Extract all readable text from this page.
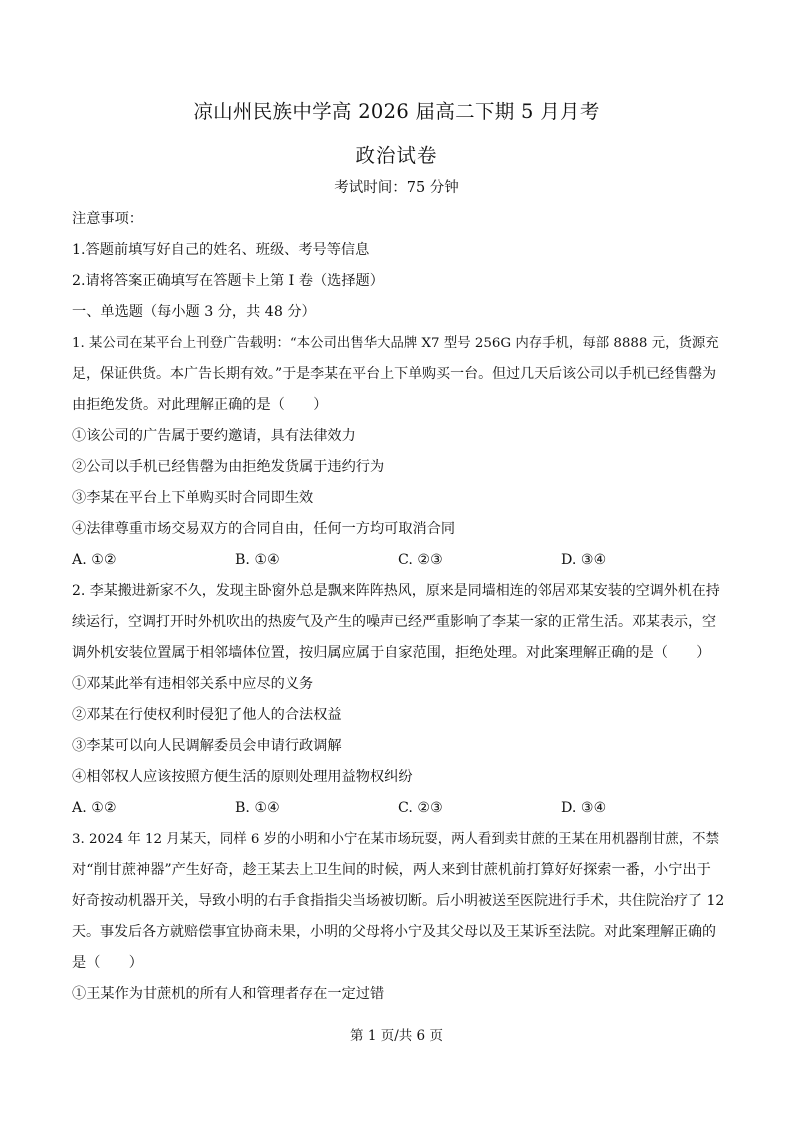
凉山州民族中学高 2026 届高二下期 5 月月考
政治试卷
考试时间：75 分钟
注意事项：
1.答题前填写好自己的姓名、班级、考号等信息
2.请将答案正确填写在答题卡上第 I 卷（选择题）
一、单选题（每小题 3 分，共 48 分）
1. 某公司在某平台上刊登广告载明：“本公司出售华大品牌 X7 型号 256G 内存手机，每部 8888 元，货源充
足，保证供货。本广告长期有效。”于是李某在平台上下单购买一台。但过几天后该公司以手机已经售罄为
由拒绝发货。对此理解正确的是（　　）
①该公司的广告属于要约邀请，具有法律效力
②公司以手机已经售罄为由拒绝发货属于违约行为
③李某在平台上下单购买时合同即生效
④法律尊重市场交易双方的合同自由，任何一方均可取消合同
A. ①②	B. ①④	C. ②③	D. ③④
2. 李某搬进新家不久，发现主卧窗外总是飘来阵阵热风，原来是同墙相连的邻居邓某安装的空调外机在持
续运行，空调打开时外机吹出的热废气及产生的噪声已经严重影响了李某一家的正常生活。邓某表示，空
调外机安装位置属于相邻墙体位置，按归属应属于自家范围，拒绝处理。对此案理解正确的是（　　）
①邓某此举有违相邻关系中应尽的义务
②邓某在行使权利时侵犯了他人的合法权益
③李某可以向人民调解委员会申请行政调解
④相邻权人应该按照方便生活的原则处理用益物权纠纷
A. ①②	B. ①④	C. ②③	D. ③④
3. 2024 年 12 月某天，同样 6 岁的小明和小宁在某市场玩耍，两人看到卖甘蔗的王某在用机器削甘蔗，不禁
对“削甘蔗神器”产生好奇，趁王某去上卫生间的时候，两人来到甘蔗机前打算好好探索一番，小宁出于
好奇按动机器开关，导致小明的右手食指指尖当场被切断。后小明被送至医院进行手术，共住院治疗了 12
天。事发后各方就赔偿事宜协商未果，小明的父母将小宁及其父母以及王某诉至法院。对此案理解正确的
是（　　）
①王某作为甘蔗机的所有人和管理者存在一定过错
第 1 页/共 6 页
